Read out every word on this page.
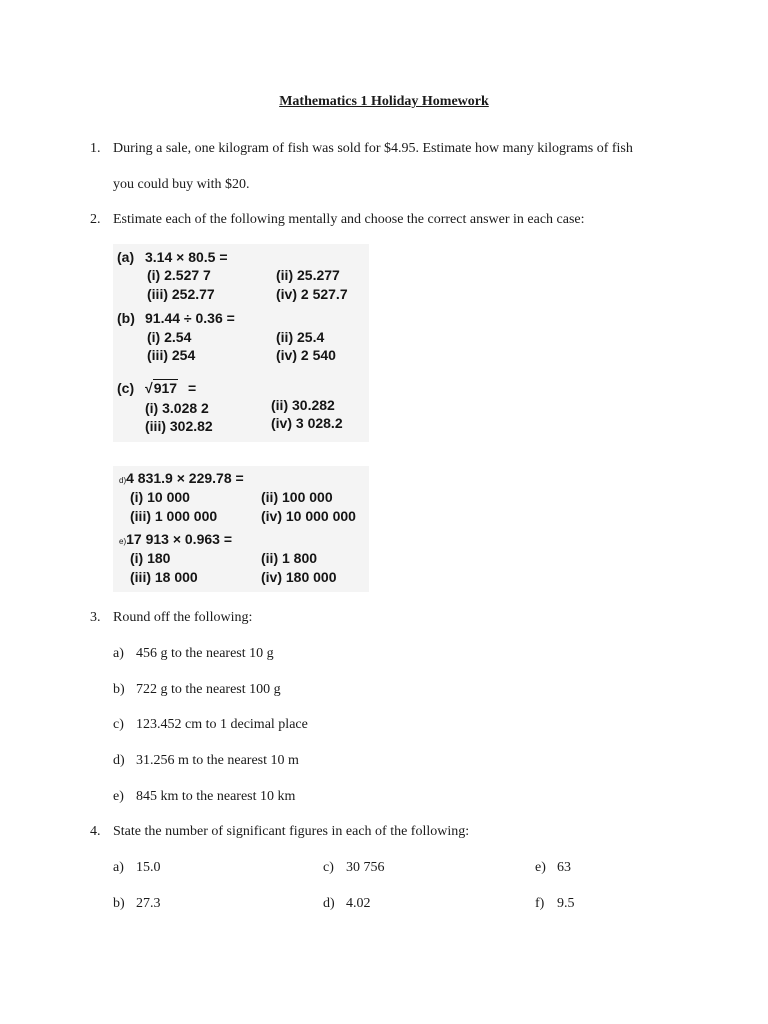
Mathematics 1 Holiday Homework
1. During a sale, one kilogram of fish was sold for $4.95. Estimate how many kilograms of fish
you could buy with $20.
2. Estimate each of the following mentally and choose the correct answer in each case:
(a) 3.14 × 80.5 =
(i) 2.527 7	(ii) 25.277
(iii) 252.77	(iv) 2 527.7
(b) 91.44 ÷ 0.36 =
(i) 2.54	(ii) 25.4
(iii) 254	(iv) 2 540
(c) √917 =
(i) 3.028 2	(ii) 30.282
(iii) 302.82	(iv) 3 028.2
d)4 831.9 × 229.78 =
(i) 10 000	(ii) 100 000
(iii) 1 000 000	(iv) 10 000 000
e)17 913 × 0.963 =
(i) 180	(ii) 1 800
(iii) 18 000	(iv) 180 000
3. Round off the following:
a) 456 g to the nearest 10 g
b) 722 g to the nearest 100 g
c) 123.452 cm to 1 decimal place
d) 31.256 m to the nearest 10 m
e) 845 km to the nearest 10 km
4. State the number of significant figures in each of the following:
a) 15.0	c) 30 756	e) 63
b) 27.3	d) 4.02	f) 9.5
